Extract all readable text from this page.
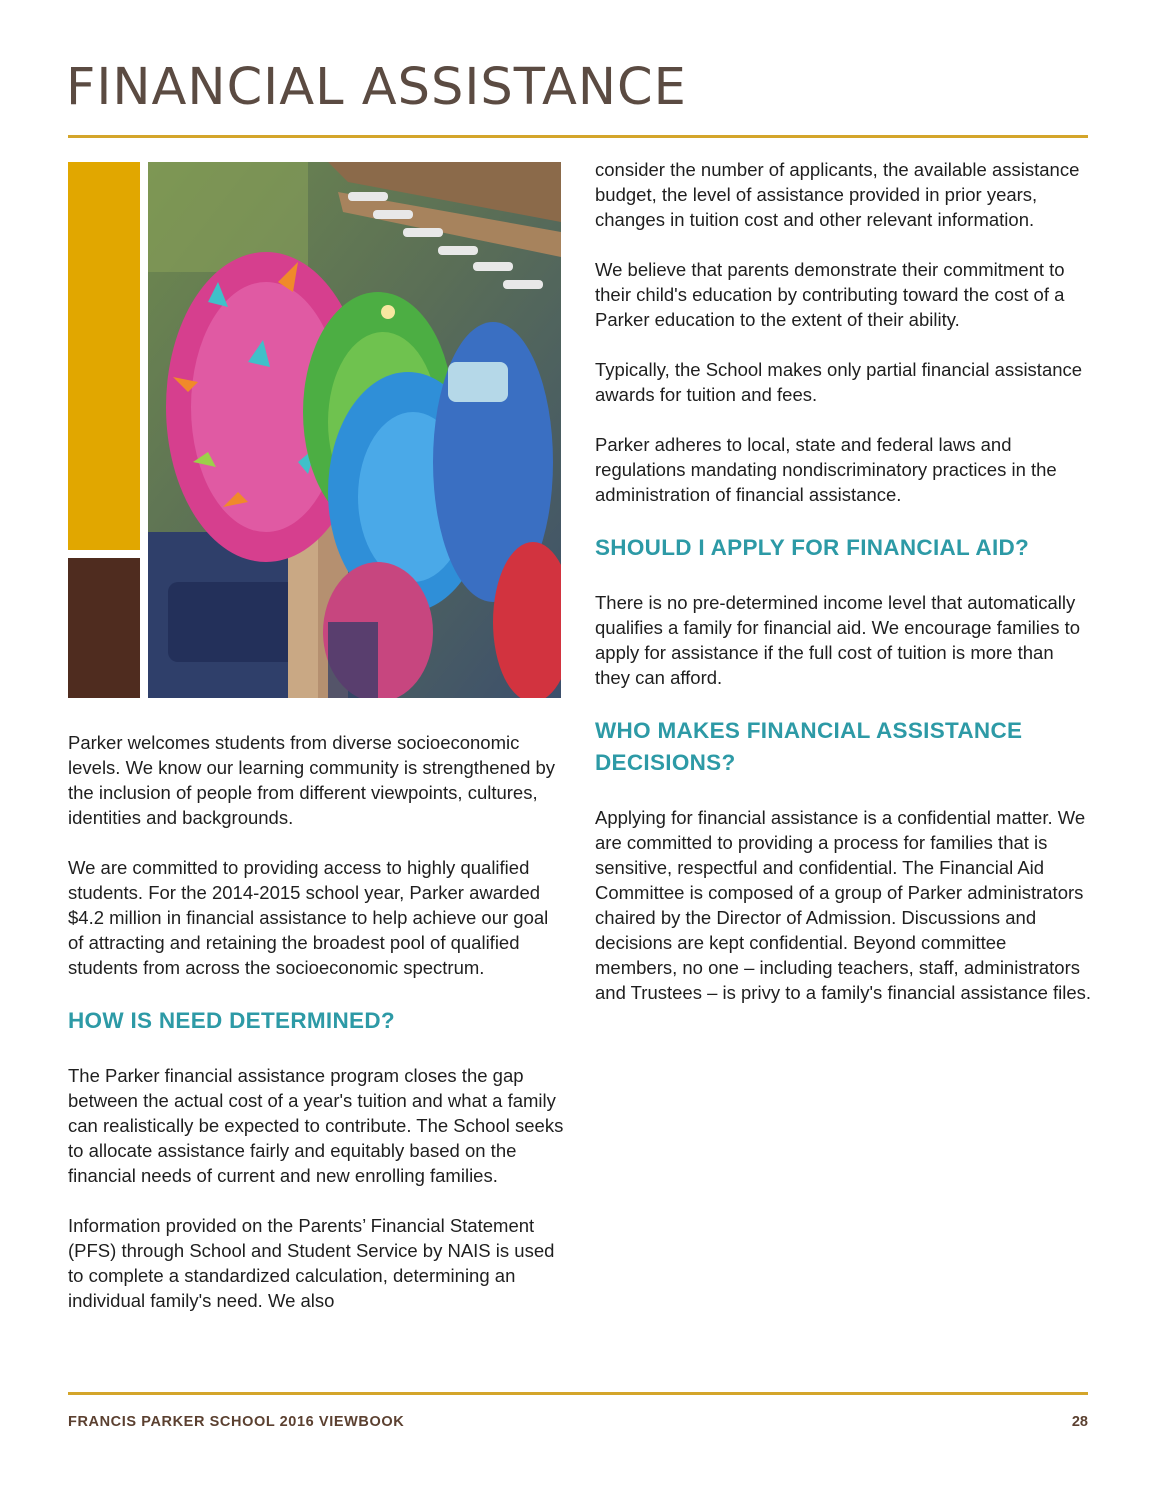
FINANCIAL ASSISTANCE

Parker welcomes students from diverse socioeconomic levels. We know our learning community is strengthened by the inclusion of people from different viewpoints, cultures, identities and backgrounds.

We are committed to providing access to highly qualified students. For the 2014-2015 school year, Parker awarded $4.2 million in financial assistance to help achieve our goal of attracting and retaining the broadest pool of qualified students from across the socioeconomic spectrum.

HOW IS NEED DETERMINED?

The Parker financial assistance program closes the gap between the actual cost of a year's tuition and what a family can realistically be expected to contribute. The School seeks to allocate assistance fairly and equitably based on the financial needs of current and new enrolling families.

Information provided on the Parents’ Financial Statement (PFS) through School and Student Service by NAIS is used to complete a standardized calculation, determining an individual family's need. We also

consider the number of applicants, the available assistance budget, the level of assistance provided in prior years, changes in tuition cost and other relevant information.

We believe that parents demonstrate their commitment to their child's education by contributing toward the cost of a Parker education to the extent of their ability.

Typically, the School makes only partial financial assistance awards for tuition and fees.

Parker adheres to local, state and federal laws and regulations mandating nondiscriminatory practices in the administration of financial assistance.

SHOULD I APPLY FOR FINANCIAL AID?

There is no pre-determined income level that automatically qualifies a family for financial aid. We encourage families to apply for assistance if the full cost of tuition is more than they can afford.

WHO MAKES FINANCIAL ASSISTANCE DECISIONS?

Applying for financial assistance is a confidential matter. We are committed to providing a process for families that is sensitive, respectful and confidential. The Financial Aid Committee is composed of a group of Parker administrators chaired by the Director of Admission. Discussions and decisions are kept confidential. Beyond committee members, no one – including teachers, staff, administrators and Trustees – is privy to a family's financial assistance files.

FRANCIS PARKER SCHOOL 2016 VIEWBOOK	28
